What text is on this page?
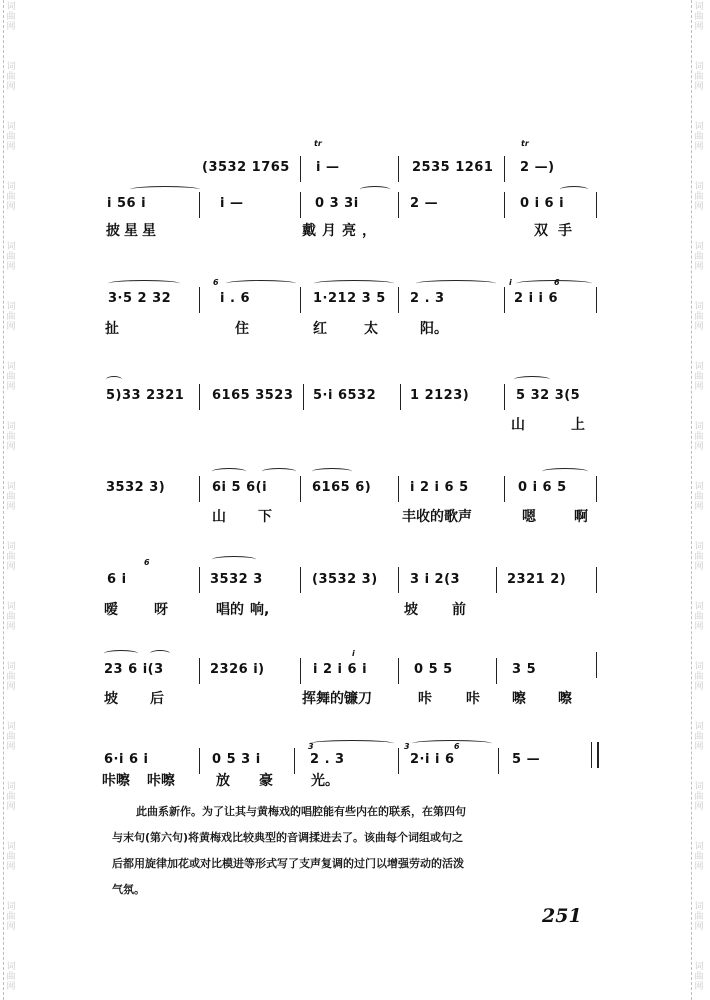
词
曲
网
词
曲
网
词
曲
网
词
曲
网
词
曲
网
词
曲
网
词
曲
网
词
曲
网
词
曲
网
词
曲
网
词
曲
网
词
曲
网
词
曲
网
词
曲
网
词
曲
网
词
曲
网
词
曲
网
词
曲
网
词
曲
网
词
曲
网
词
曲
网
词
曲
网
词
曲
网
词
曲
网
词
曲
网
词
曲
网
词
曲
网
词
曲
网
词
曲
网
词
曲
网
词
曲
网
词
曲
网
词
曲
网
词
曲
网
tr	tr
(3532 1765 i —	2535 1261 2 —)
i 56 i	i —	0 3 3i	2 —	0 i 6 i
披星星	戴月亮，	双手
6	i	6
3·5 2 32	i . 6	1·212 3 5 2 . 3	2 i i 6
扯	住	红	太	阳。
5)33 2321 6165 3523 5·i 6532	1 2123)	5 32 3(5
山	上
3532 3)	6i 5 6(i	6165 6)	i 2 i 6 5	0 i 6 5
山 下	丰收的歌声	嗯	啊
6
6 i	3532 3	(3532 3) 3 i 2(3	2321 2)
嗳	呀	唱的 响,	坡 前
i
23 6 i(3	2326 i)	i 2 i 6 i	0 5 5	3 5
坡 后	挥舞的镰刀	咔 咔 嚓 嚓
3	3	6
6·i 6 i	0 5 3 i	2 . 3	2·i i 6	5 —
咔嚓 咔嚓	放 豪	光。
此曲系新作。为了让其与黄梅戏的唱腔能有些内在的联系，在第四句
与末句(第六句)将黄梅戏比较典型的音调揉进去了。该曲每个词组或句之
后都用旋律加花或对比模进等形式写了支声复调的过门以增强劳动的活泼
气氛。
251
